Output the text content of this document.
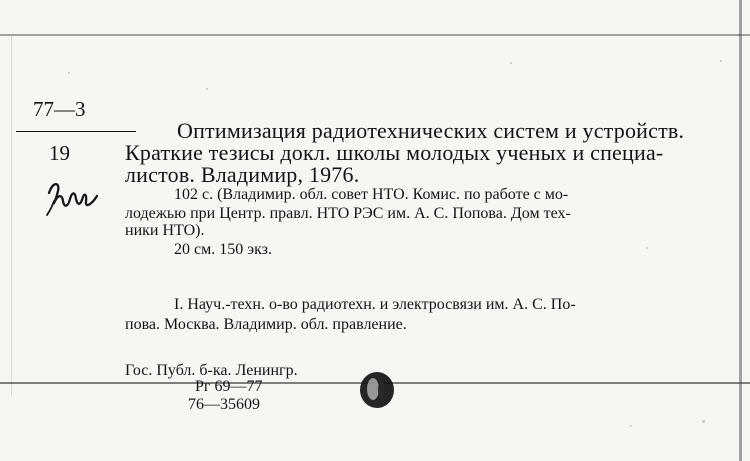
77—3
19
Оптимизация радиотехнических систем и устройств.
Краткие тезисы докл. школы молодых ученых и специа-
листов. Владимир, 1976.
102 с. (Владимир. обл. совет НТО. Комис. по работе с мо-
лодежью при Центр. правл. НТО РЭС им. А. С. Попова. Дом тех-
ники НТО).
20 см. 150 экз.
I. Науч.-техн. о-во радиотехн. и электросвязи им. А. С. По-
пова. Москва. Владимир. обл. правление.
Гос. Публ. б-ка. Ленингр.
Рг 69—77
76—35609
